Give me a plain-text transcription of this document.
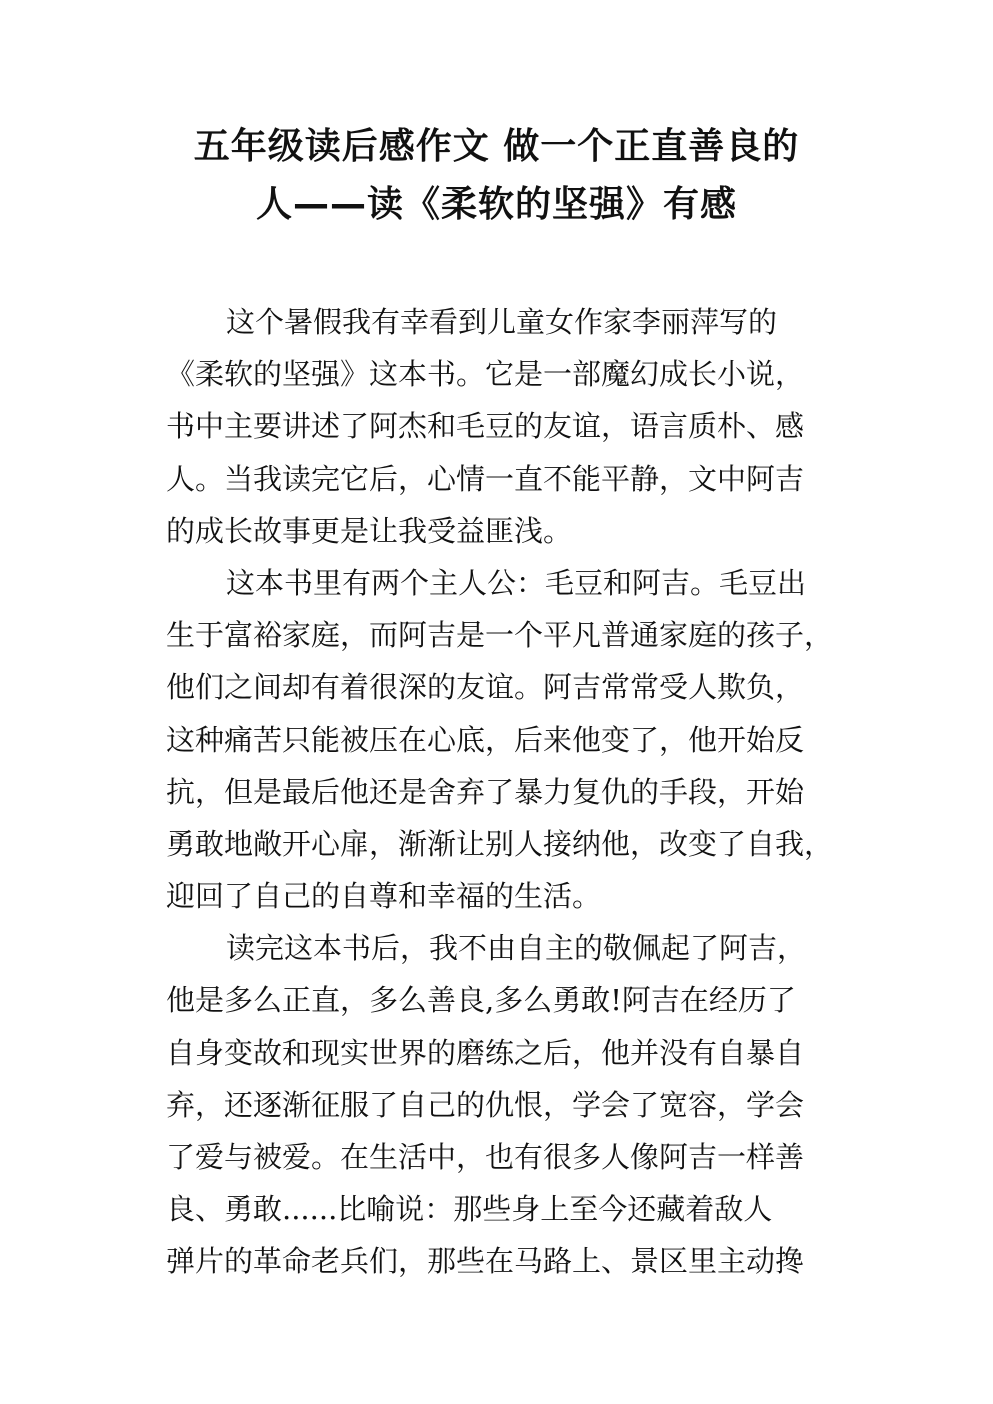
五年级读后感作文 做一个正直善良的
人——读《柔软的坚强》有感
这个暑假我有幸看到儿童女作家李丽萍写的
《柔软的坚强》这本书。它是一部魔幻成长小说，
书中主要讲述了阿杰和毛豆的友谊，语言质朴、感
人。当我读完它后，心情一直不能平静，文中阿吉
的成长故事更是让我受益匪浅。
这本书里有两个主人公：毛豆和阿吉。毛豆出
生于富裕家庭，而阿吉是一个平凡普通家庭的孩子，
他们之间却有着很深的友谊。阿吉常常受人欺负，
这种痛苦只能被压在心底，后来他变了，他开始反
抗，但是最后他还是舍弃了暴力复仇的手段，开始
勇敢地敞开心扉，渐渐让别人接纳他，改变了自我，
迎回了自己的自尊和幸福的生活。
读完这本书后，我不由自主的敬佩起了阿吉，
他是多么正直，多么善良,多么勇敢!阿吉在经历了
自身变故和现实世界的磨练之后，他并没有自暴自
弃，还逐渐征服了自己的仇恨，学会了宽容，学会
了爱与被爱。在生活中，也有很多人像阿吉一样善
良、勇敢......比喻说：那些身上至今还藏着敌人
弹片的革命老兵们，那些在马路上、景区里主动搀
